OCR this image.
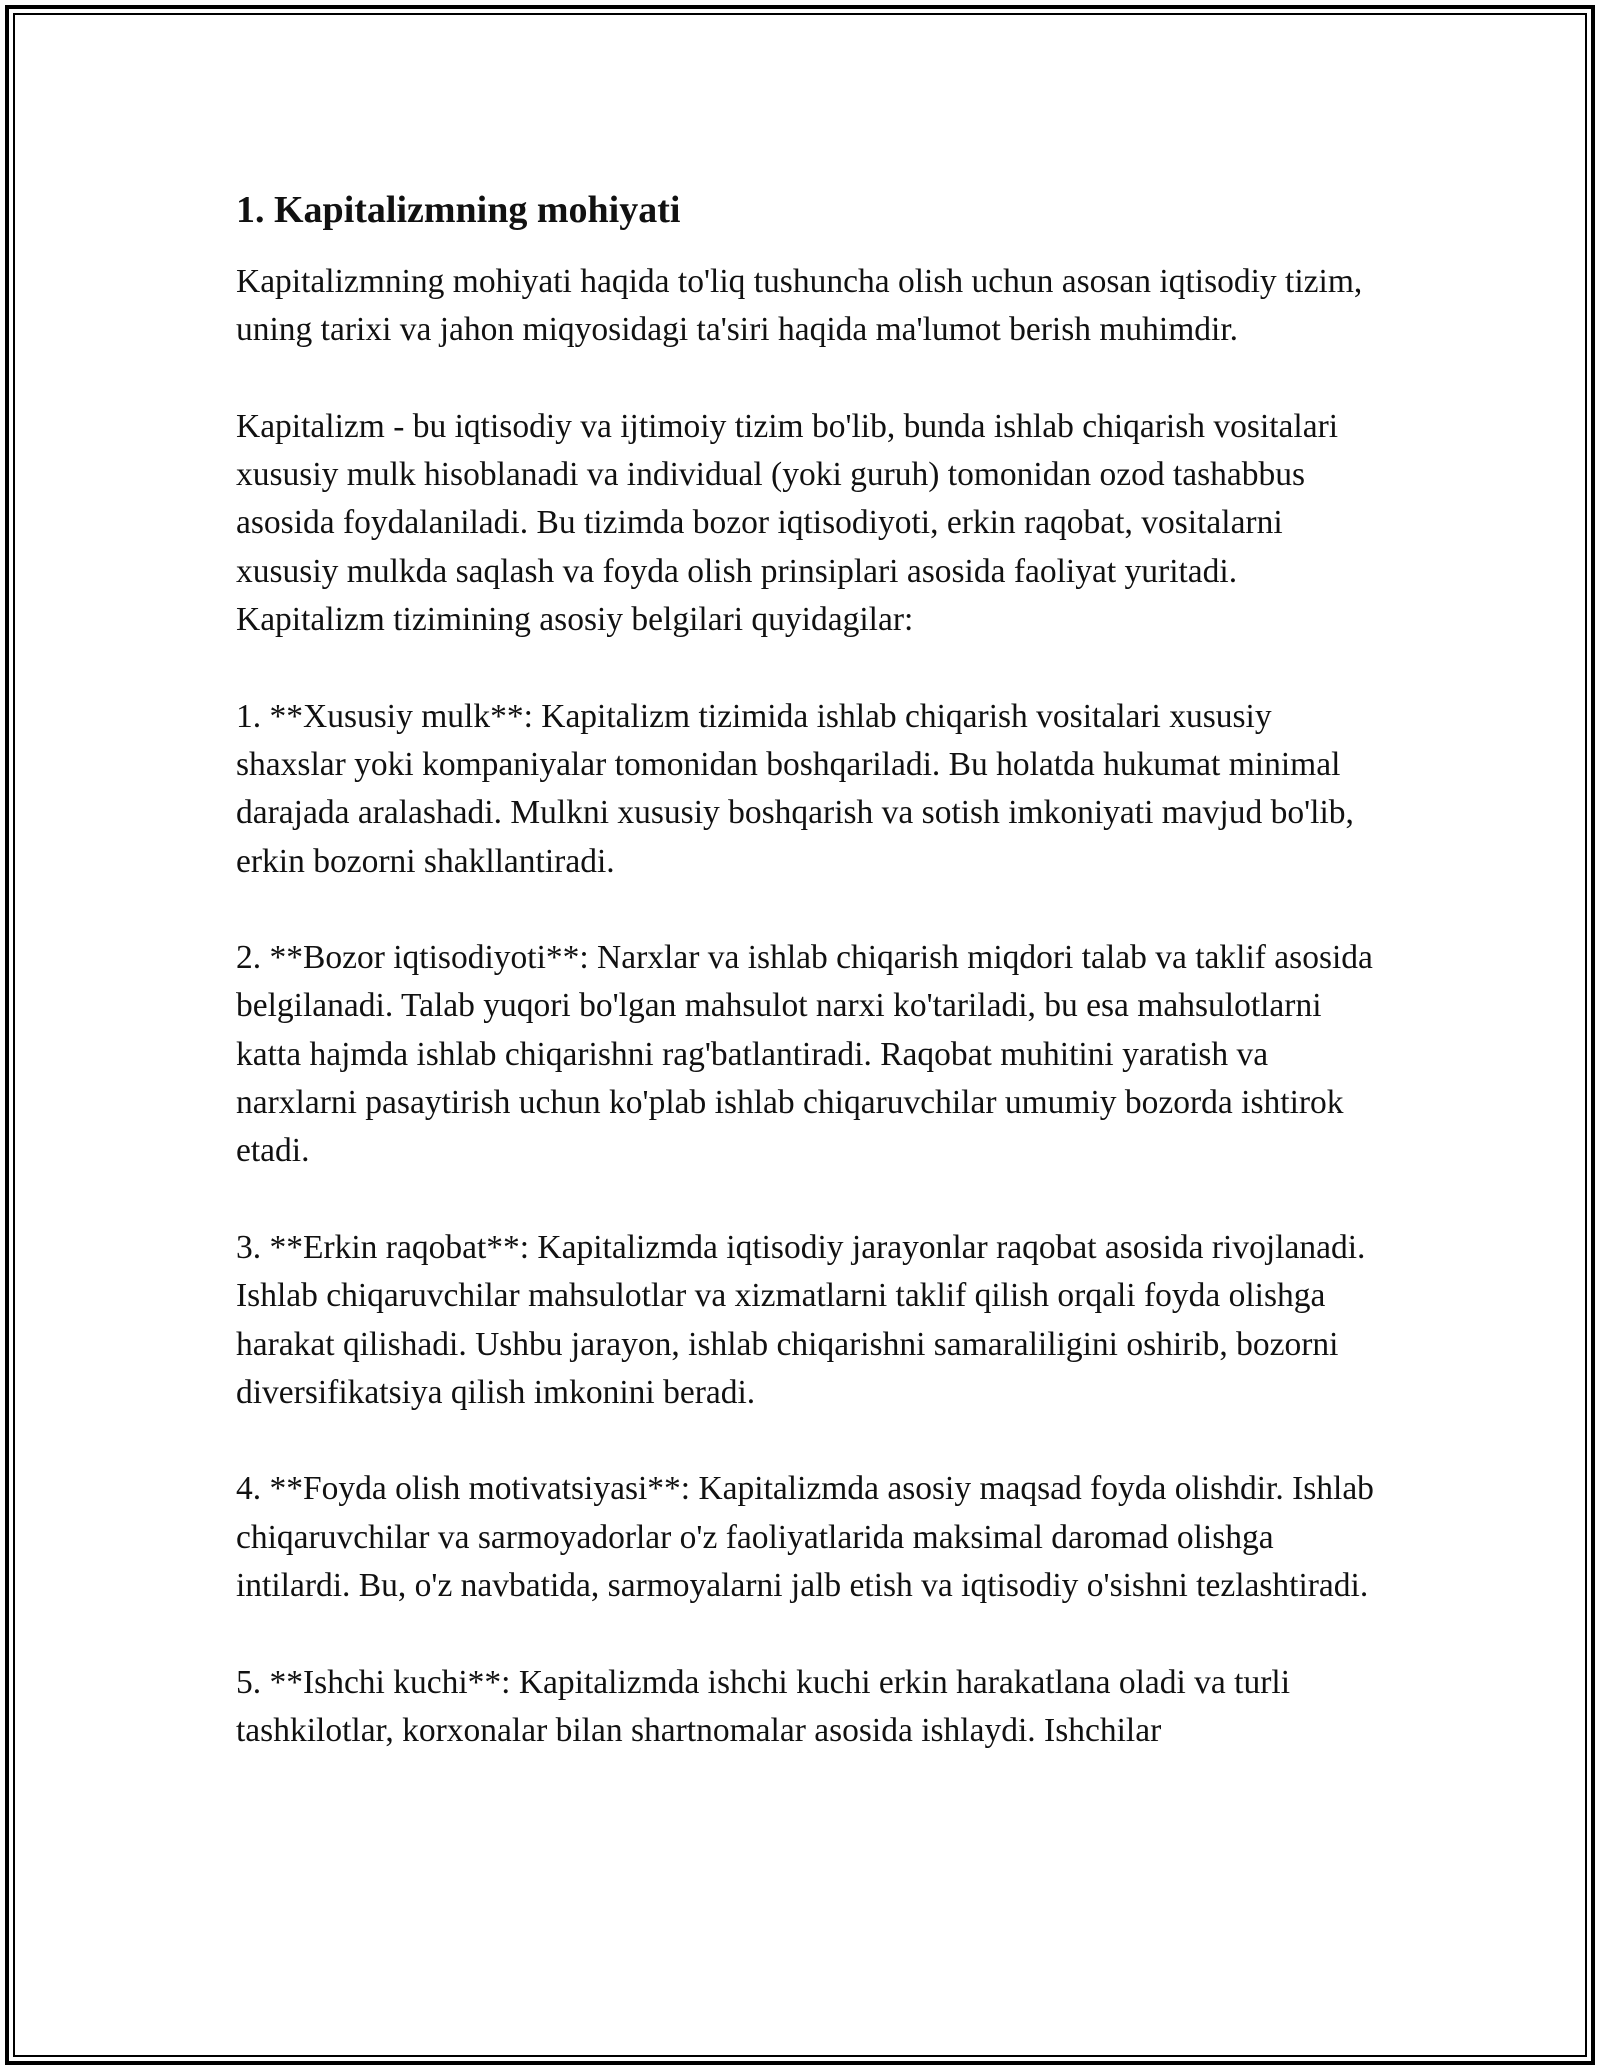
1. Kapitalizmning mohiyati

Kapitalizmning mohiyati haqida to'liq tushuncha olish uchun asosan iqtisodiy tizim, uning tarixi va jahon miqyosidagi ta'siri haqida ma'lumot berish muhimdir.

Kapitalizm - bu iqtisodiy va ijtimoiy tizim bo'lib, bunda ishlab chiqarish vositalari xususiy mulk hisoblanadi va individual (yoki guruh) tomonidan ozod tashabbus asosida foydalaniladi. Bu tizimda bozor iqtisodiyoti, erkin raqobat, vositalarni xususiy mulkda saqlash va foyda olish prinsiplari asosida faoliyat yuritadi. Kapitalizm tizimining asosiy belgilari quyidagilar:

1. **Xususiy mulk**: Kapitalizm tizimida ishlab chiqarish vositalari xususiy shaxslar yoki kompaniyalar tomonidan boshqariladi. Bu holatda hukumat minimal darajada aralashadi. Mulkni xususiy boshqarish va sotish imkoniyati mavjud bo'lib, erkin bozorni shakllantiradi.

2. **Bozor iqtisodiyoti**: Narxlar va ishlab chiqarish miqdori talab va taklif asosida belgilanadi. Talab yuqori bo'lgan mahsulot narxi ko'tariladi, bu esa mahsulotlarni katta hajmda ishlab chiqarishni rag'batlantiradi. Raqobat muhitini yaratish va narxlarni pasaytirish uchun ko'plab ishlab chiqaruvchilar umumiy bozorda ishtirok etadi.

3. **Erkin raqobat**: Kapitalizmda iqtisodiy jarayonlar raqobat asosida rivojlanadi. Ishlab chiqaruvchilar mahsulotlar va xizmatlarni taklif qilish orqali foyda olishga harakat qilishadi. Ushbu jarayon, ishlab chiqarishni samaraliligini oshirib, bozorni diversifikatsiya qilish imkonini beradi.

4. **Foyda olish motivatsiyasi**: Kapitalizmda asosiy maqsad foyda olishdir. Ishlab chiqaruvchilar va sarmoyadorlar o'z faoliyatlarida maksimal daromad olishga intilardi. Bu, o'z navbatida, sarmoyalarni jalb etish va iqtisodiy o'sishni tezlashtiradi.

5. **Ishchi kuchi**: Kapitalizmda ishchi kuchi erkin harakatlana oladi va turli tashkilotlar, korxonalar bilan shartnomalar asosida ishlaydi. Ishchilar
